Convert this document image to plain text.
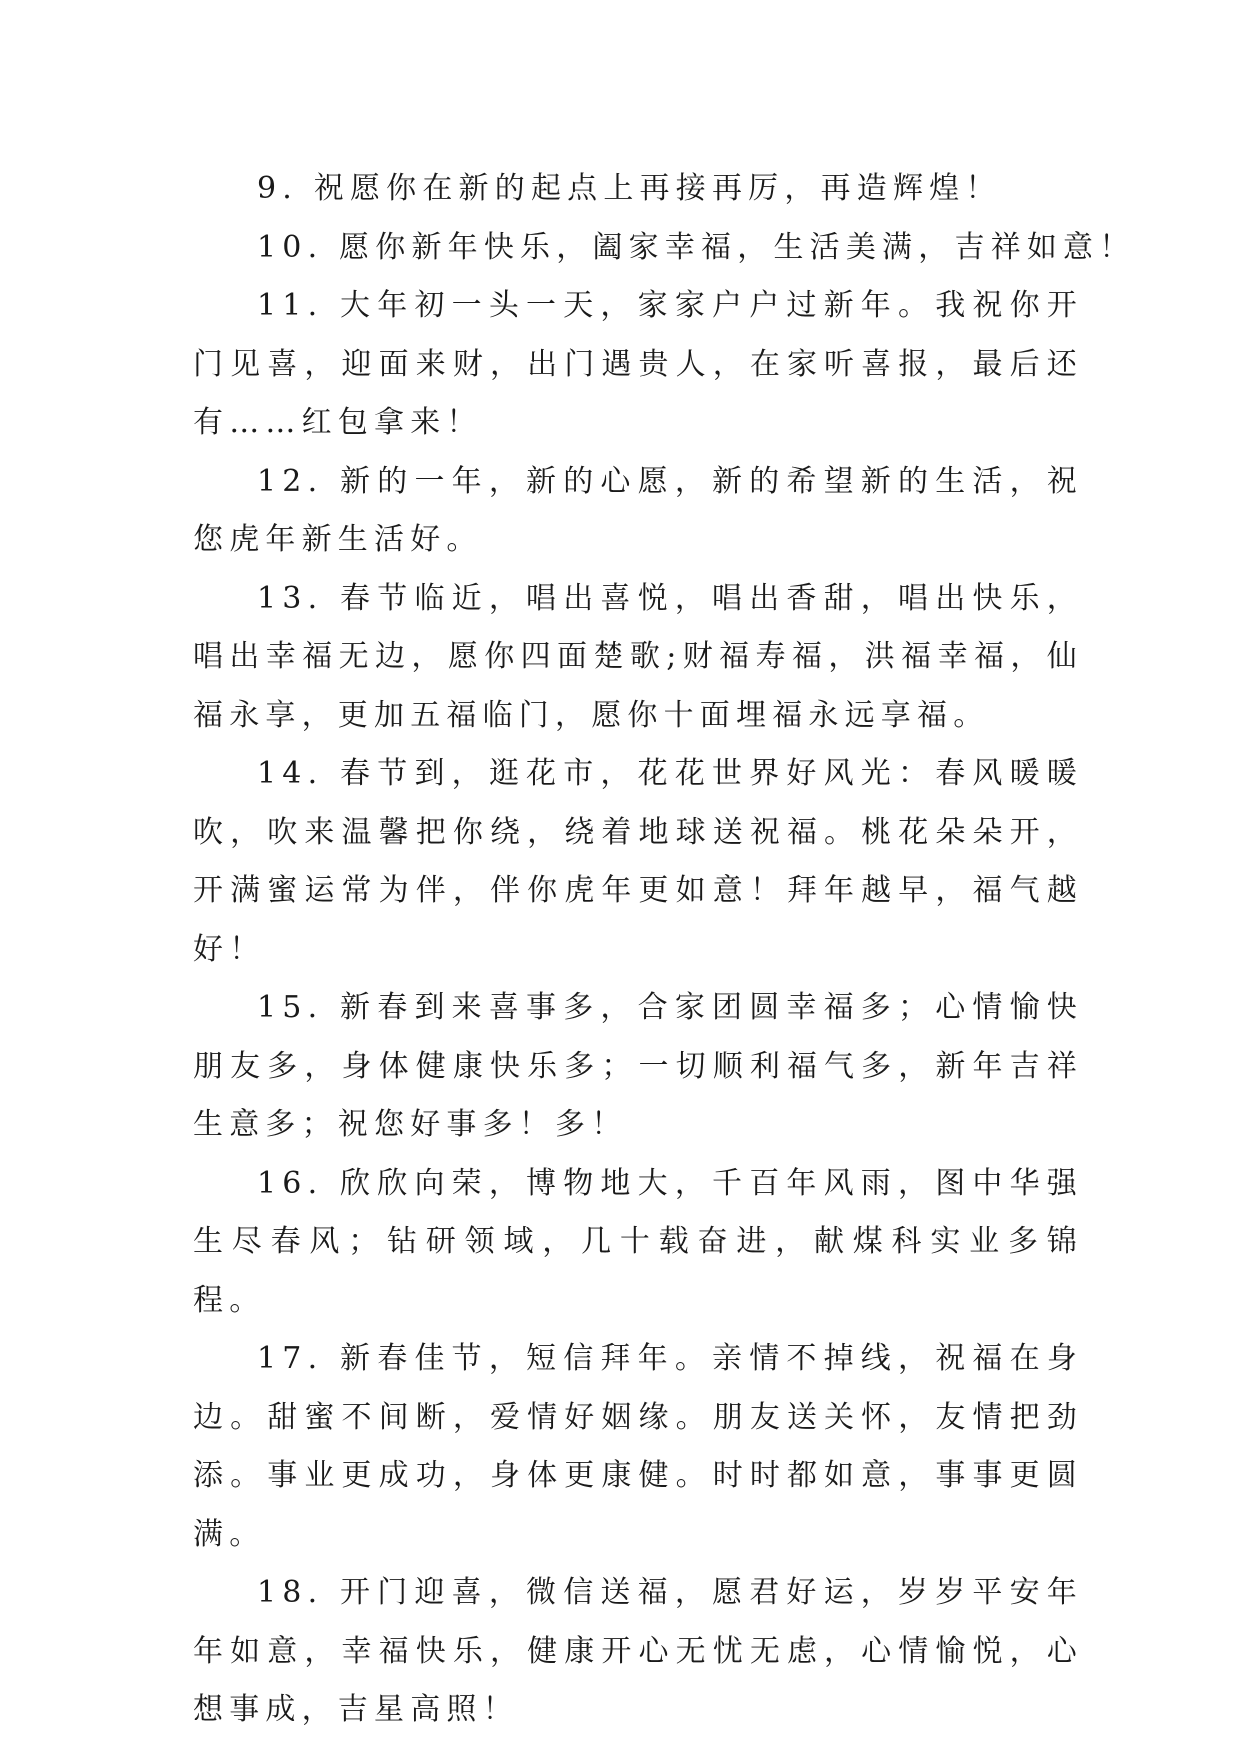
9. 祝愿你在新的起点上再接再厉，再造辉煌！

10. 愿你新年快乐，阖家幸福，生活美满，吉祥如意！

11. 大年初一头一天，家家户户过新年。我祝你开门见喜，迎面来财，出门遇贵人，在家听喜报，最后还有……红包拿来！

12. 新的一年，新的心愿，新的希望新的生活，祝您虎年新生活好。

13. 春节临近，唱出喜悦，唱出香甜，唱出快乐，唱出幸福无边，愿你四面楚歌;财福寿福，洪福幸福，仙福永享，更加五福临门，愿你十面埋福永远享福。

14. 春节到，逛花市，花花世界好风光：春风暖暖吹，吹来温馨把你绕，绕着地球送祝福。桃花朵朵开，开满蜜运常为伴，伴你虎年更如意！拜年越早，福气越好！

15. 新春到来喜事多，合家团圆幸福多；心情愉快朋友多，身体健康快乐多；一切顺利福气多，新年吉祥生意多；祝您好事多！多！

16. 欣欣向荣，博物地大，千百年风雨，图中华强生尽春风；钻研领域，几十载奋进，献煤科实业多锦程。

17. 新春佳节，短信拜年。亲情不掉线，祝福在身边。甜蜜不间断，爱情好姻缘。朋友送关怀，友情把劲添。事业更成功，身体更康健。时时都如意，事事更圆满。

18. 开门迎喜，微信送福，愿君好运，岁岁平安年年如意，幸福快乐，健康开心无忧无虑，心情愉悦，心想事成，吉星高照！
